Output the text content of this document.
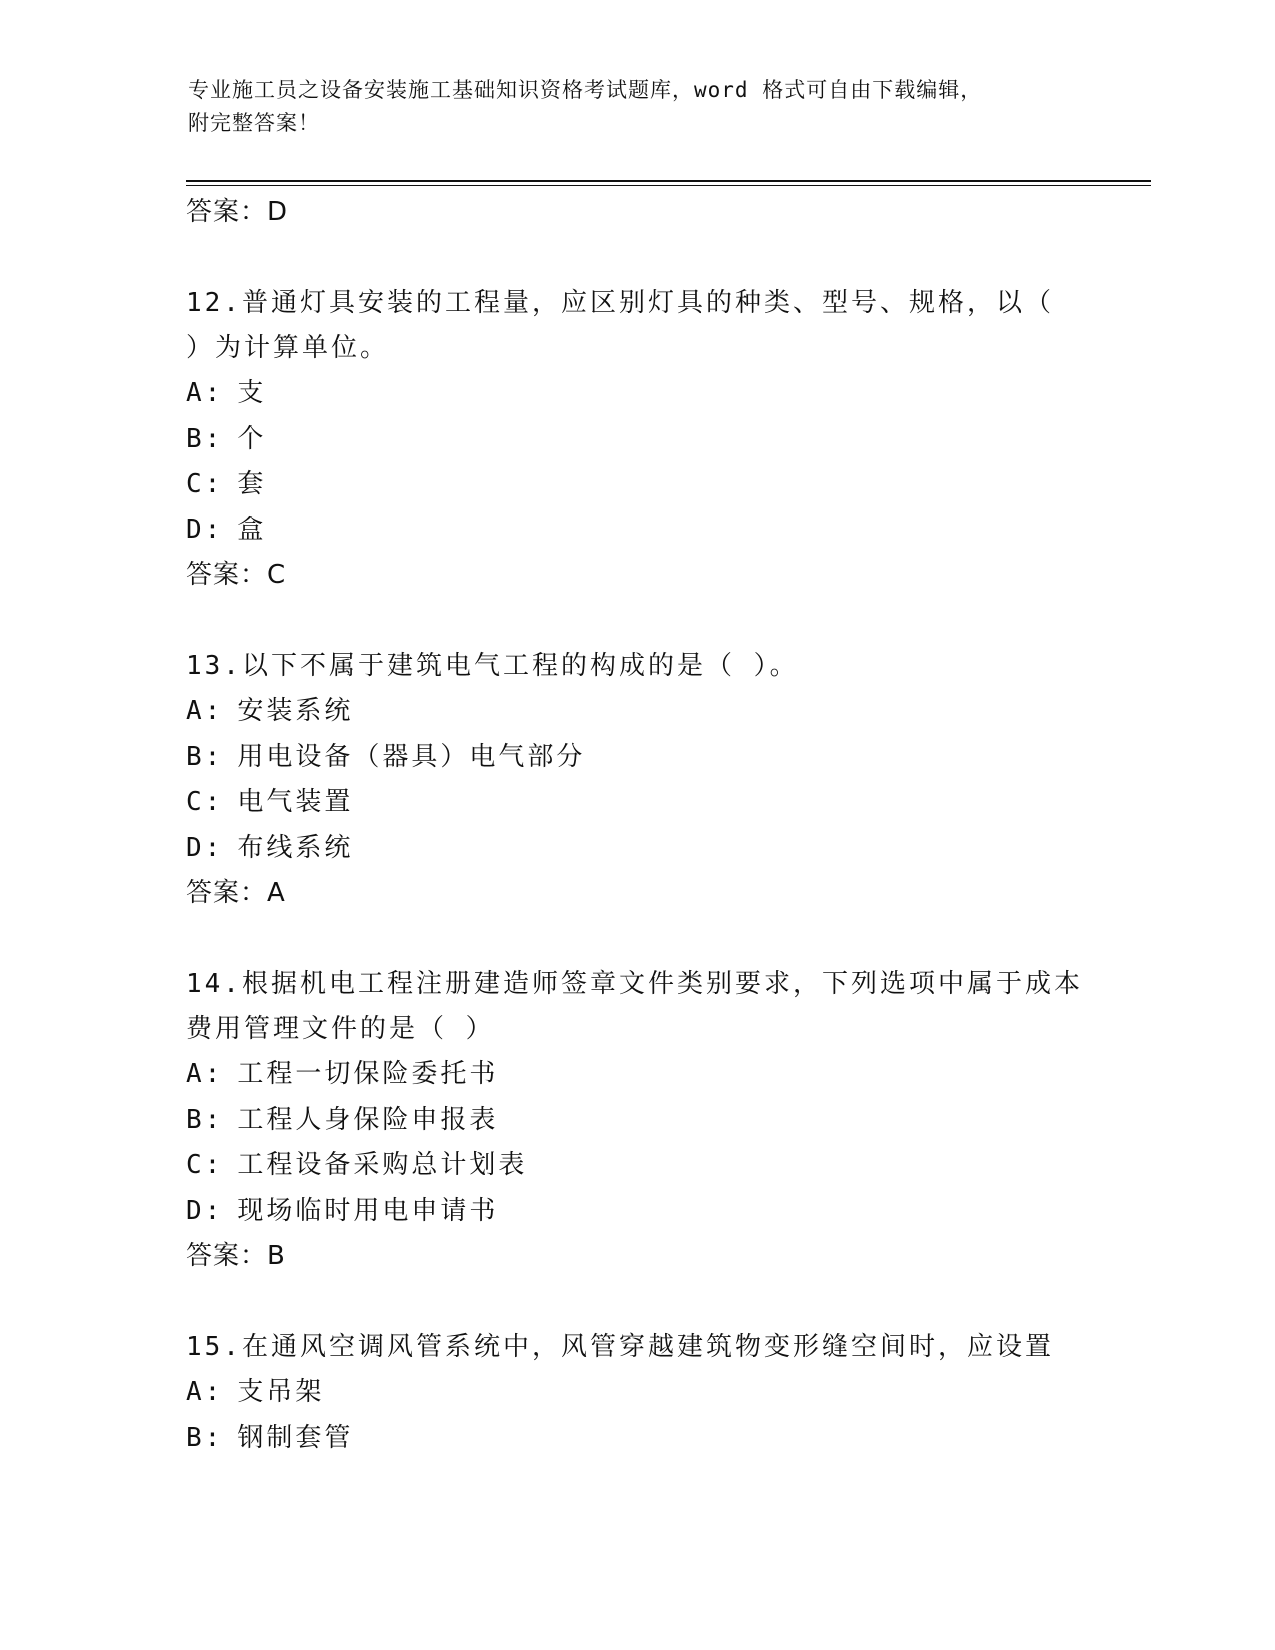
专业施工员之设备安装施工基础知识资格考试题库，word 格式可自由下载编辑，
附完整答案！
答案：D
12.普通灯具安装的工程量，应区别灯具的种类、型号、规格，以（ ）为计算单位。
A: 支
B: 个
C: 套
D: 盒
答案：C
13.以下不属于建筑电气工程的构成的是（ ）。
A: 安装系统
B: 用电设备（器具）电气部分
C: 电气装置
D: 布线系统
答案：A
14.根据机电工程注册建造师签章文件类别要求，下列选项中属于成本费用管理文件的是（ ）
A: 工程一切保险委托书
B: 工程人身保险申报表
C: 工程设备采购总计划表
D: 现场临时用电申请书
答案：B
15.在通风空调风管系统中，风管穿越建筑物变形缝空间时，应设置
A: 支吊架
B: 钢制套管
